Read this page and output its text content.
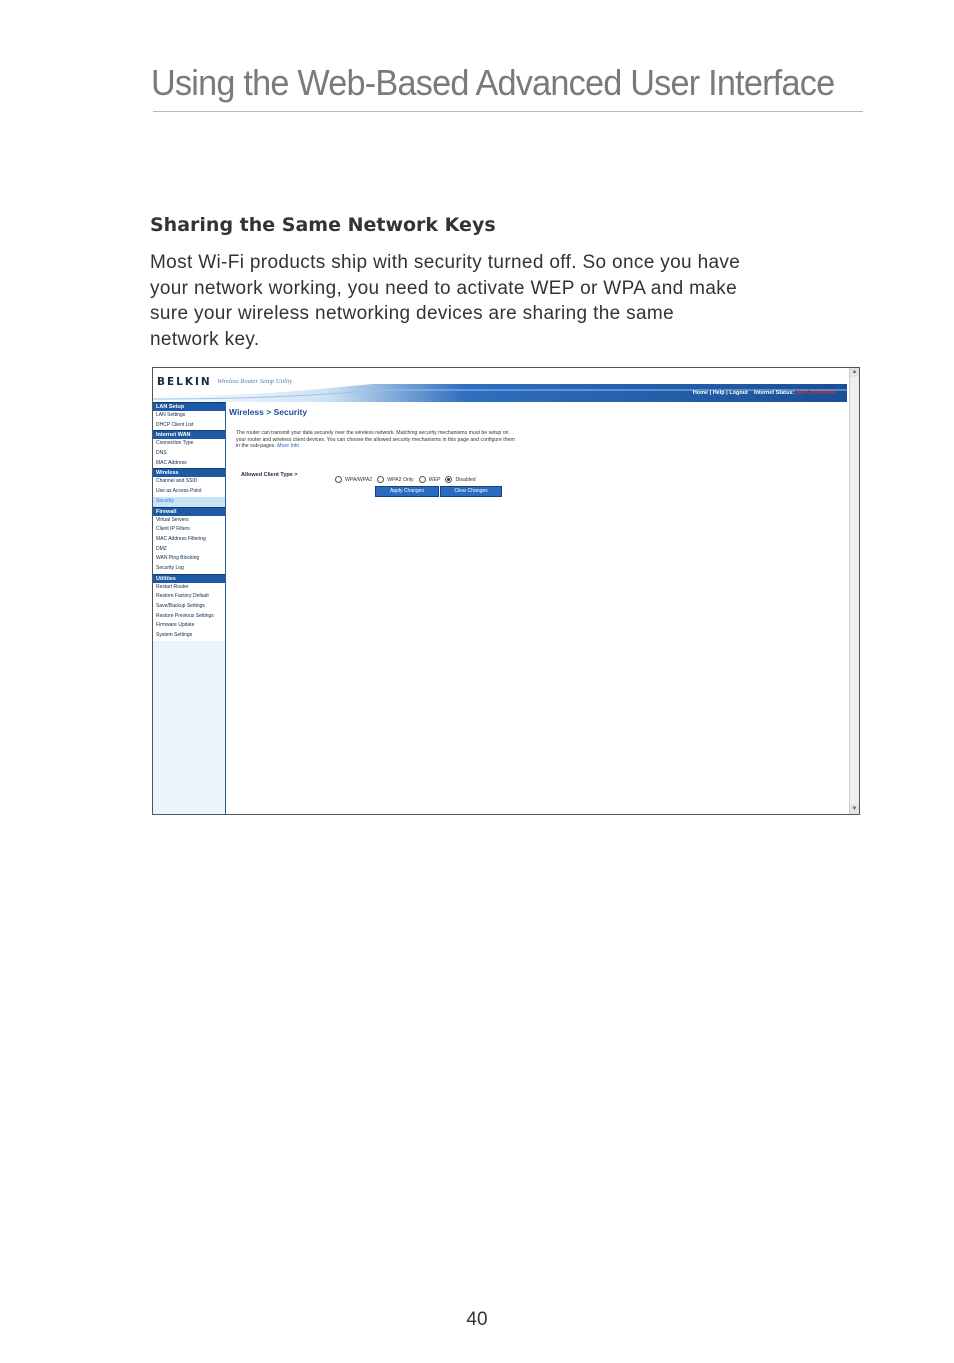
Using the Web-Based Advanced User Interface
Sharing the Same Network Keys
Most Wi-Fi products ship with security turned off. So once you have
your network working, you need to activate WEP or WPA and make
sure your wireless networking devices are sharing the same
network key.
BELKIN Wireless Router Setup Utility
Home | Help | Logout Internet Status: Not Connected
LAN Setup
LAN Settings
DHCP Client List
Internet WAN
Connection Type
DNS
MAC Address
Wireless
Channel and SSID
Use as Access Point
Security
Firewall
Virtual Servers
Client IP Filters
MAC Address Filtering
DMZ
WAN Ping Blocking
Security Log
Utilities
Restart Router
Restore Factory Default
Save/Backup Settings
Restore Previous Settings
Firmware Update
System Settings
Wireless > Security
The router can transmit your data securely over the wireless network. Matching security mechanisms must be setup on your router and wireless client devices. You can choose the allowed security mechanisms in this page and configure them in the sub-pages. More Info
Allowed Client Type >
WPA/WPA2	WPA2 Only	WEP	Disabled
Apply Changes	Clear Changes
▲
▼
40
